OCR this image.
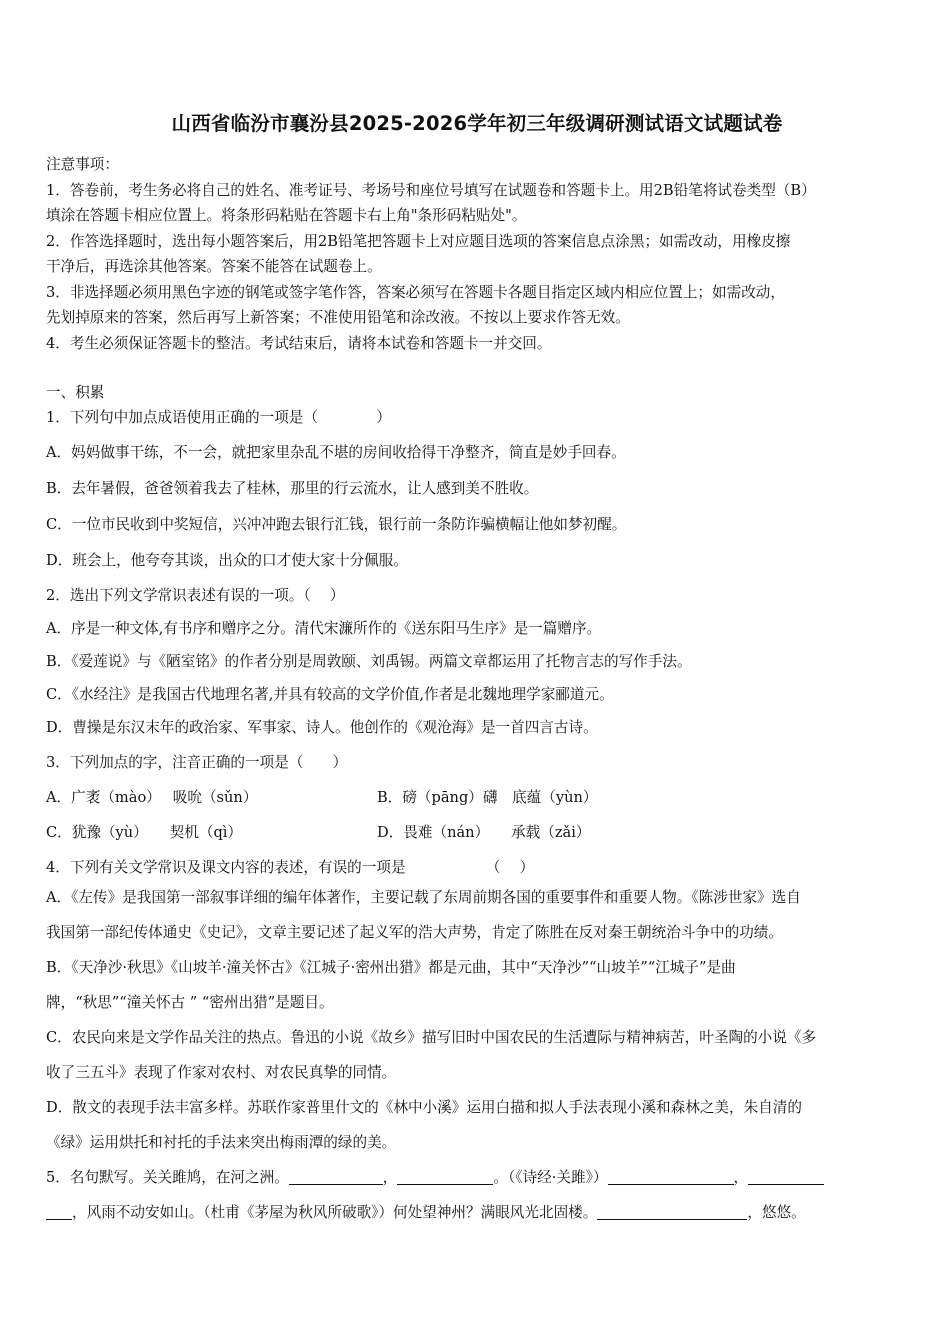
山西省临汾市襄汾县2025-2026学年初三年级调研测试语文试题试卷
注意事项：
1．答卷前，考生务必将自己的姓名、准考证号、考场号和座位号填写在试题卷和答题卡上。用2B铅笔将试卷类型（B）
填涂在答题卡相应位置上。将条形码粘贴在答题卡右上角"条形码粘贴处"。
2．作答选择题时，选出每小题答案后，用2B铅笔把答题卡上对应题目选项的答案信息点涂黑；如需改动，用橡皮擦
干净后，再选涂其他答案。答案不能答在试题卷上。
3．非选择题必须用黑色字迹的钢笔或签字笔作答，答案必须写在答题卡各题目指定区域内相应位置上；如需改动，
先划掉原来的答案，然后再写上新答案；不准使用铅笔和涂改液。不按以上要求作答无效。
4．考生必须保证答题卡的整洁。考试结束后，请将本试卷和答题卡一并交回。
一、积累
1．下列句中加点成语使用正确的一项是（　　　　）
A．妈妈做事干练，不一会，就把家里杂乱不堪的房间收拾得干净整齐，简直是妙手回春。
B．去年暑假，爸爸领着我去了桂林，那里的行云流水，让人感到美不胜收。
C．一位市民收到中奖短信，兴冲冲跑去银行汇钱，银行前一条防诈骗横幅让他如梦初醒。
D．班会上，他夸夸其谈，出众的口才使大家十分佩服。
2．选出下列文学常识表述有误的一项。（　 ）
A．序是一种文体,有书序和赠序之分。清代宋濂所作的《送东阳马生序》是一篇赠序。
B．《爱莲说》与《陋室铭》的作者分别是周敦颐、刘禹锡。两篇文章都运用了托物言志的写作手法。
C．《水经注》是我国古代地理名著,并具有较高的文学价值,作者是北魏地理学家郦道元。
D．曹操是东汉末年的政治家、军事家、诗人。他创作的《观沧海》是一首四言古诗。
3．下列加点的字，注音正确的一项是（　　）
A．广袤（mào）　 吸吮（sǔn）	B．磅（pāng）礴　底蕴（yùn）
C．犹豫（yù）　　契机（qì）	D．畏难（nán）　　承载（zǎi）
4．下列有关文学常识及课文内容的表述，有误的一项是　　　　　　（　 ）
A．《左传》是我国第一部叙事详细的编年体著作，主要记载了东周前期各国的重要事件和重要人物。《陈涉世家》选自
我国第一部纪传体通史《史记》，文章主要记述了起义军的浩大声势，肯定了陈胜在反对秦王朝统治斗争中的功绩。
B．《天净沙·秋思》《山坡羊·潼关怀古》《江城子·密州出猎》都是元曲，其中“天净沙”“山坡羊”“江城子”是曲
牌，“秋思”“潼关怀古 ” “密州出猎”是题目。
C．农民向来是文学作品关注的热点。鲁迅的小说《故乡》描写旧时中国农民的生活遭际与精神病苦，叶圣陶的小说《多
收了三五斗》表现了作家对农村、对农民真挚的同情。
D．散文的表现手法丰富多样。苏联作家普里什文的《林中小溪》运用白描和拟人手法表现小溪和森林之美，朱自清的
《绿》运用烘托和衬托的手法来突出梅雨潭的绿的美。
5．名句默写。关关雎鸠，在河之洲。	，	。（《诗经·关雎》）	，
，风雨不动安如山。（杜甫《茅屋为秋风所破歌》）何处望神州？满眼风光北固楼。	，悠悠。
